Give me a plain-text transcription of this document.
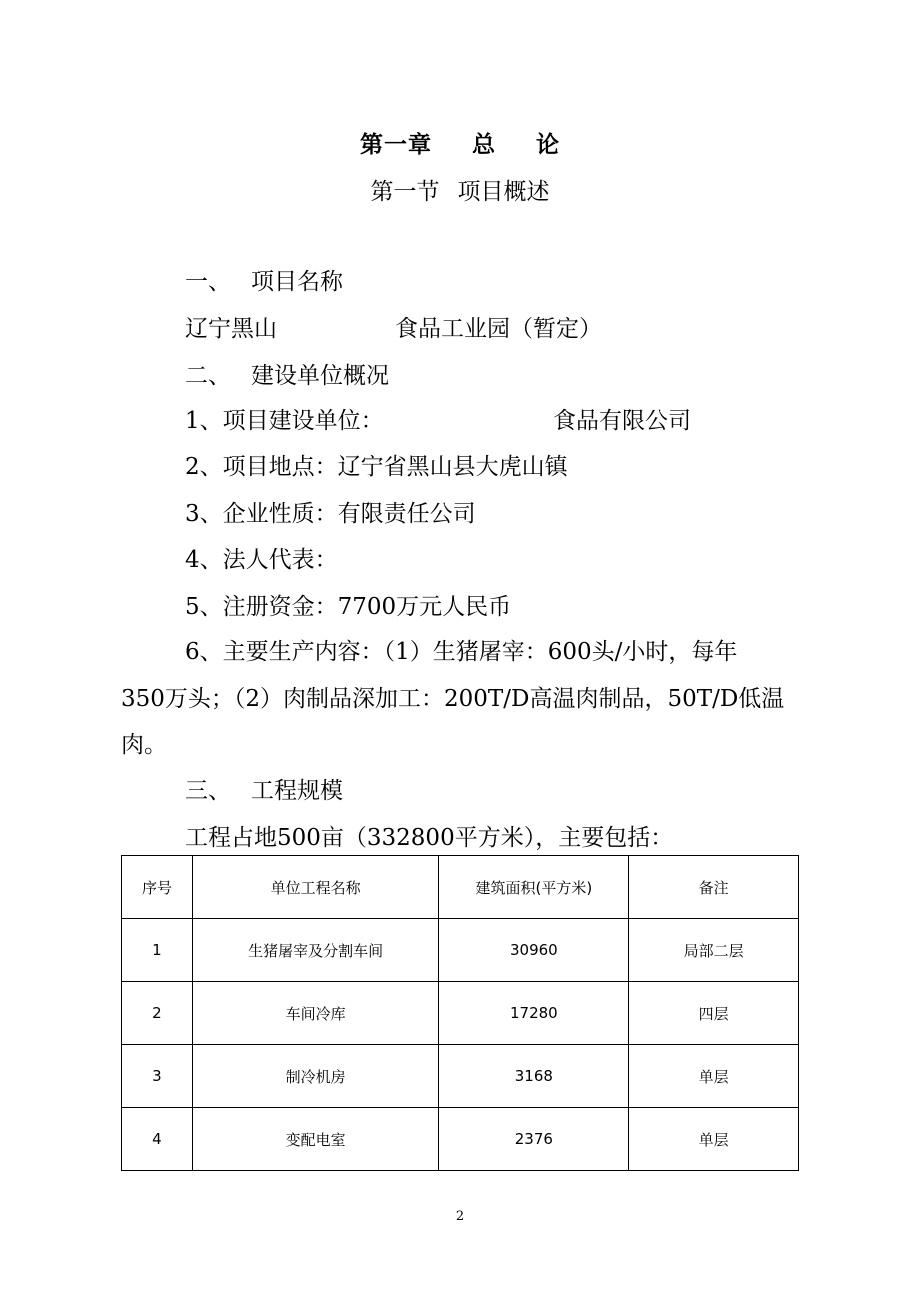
第一章 总 论
第一节 项目概述
一、 项目名称
辽宁黑山	食品工业园（暂定）
二、 建设单位概况
1、项目建设单位：	食品有限公司
2、项目地点：辽宁省黑山县大虎山镇
3、企业性质：有限责任公司
4、法人代表：
5、注册资金：7700万元人民币
6、主要生产内容：（1）生猪屠宰：600头/小时，每年
350万头；（2）肉制品深加工：200T/D高温肉制品，50T/D低温
肉。
三、 工程规模
工程占地500亩（332800平方米），主要包括：
序号	单位工程名称	建筑面积(平方米)	备注
1	生猪屠宰及分割车间	30960	局部二层
2	车间冷库	17280	四层
3	制冷机房	3168	单层
4	变配电室	2376	单层
2
